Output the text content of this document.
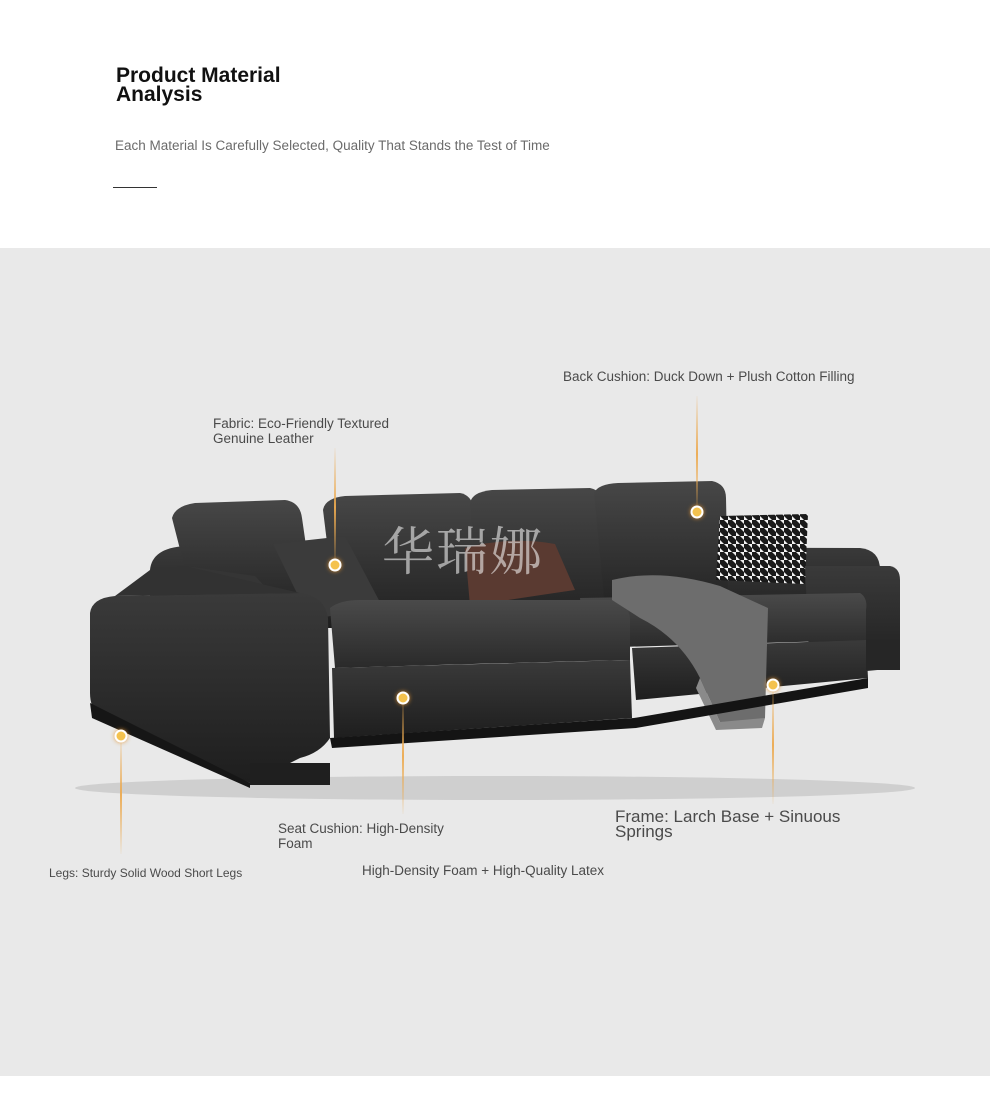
Product Material Analysis
Each Material Is Carefully Selected, Quality That Stands the Test of Time
华瑞娜
Fabric: Eco-Friendly Textured Genuine Leather
Back Cushion: Duck Down + Plush Cotton Filling
Seat Cushion: High-Density Foam
High-Density Foam + High-Quality Latex
Legs: Sturdy Solid Wood Short Legs
Frame: Larch Base + Sinuous Springs
